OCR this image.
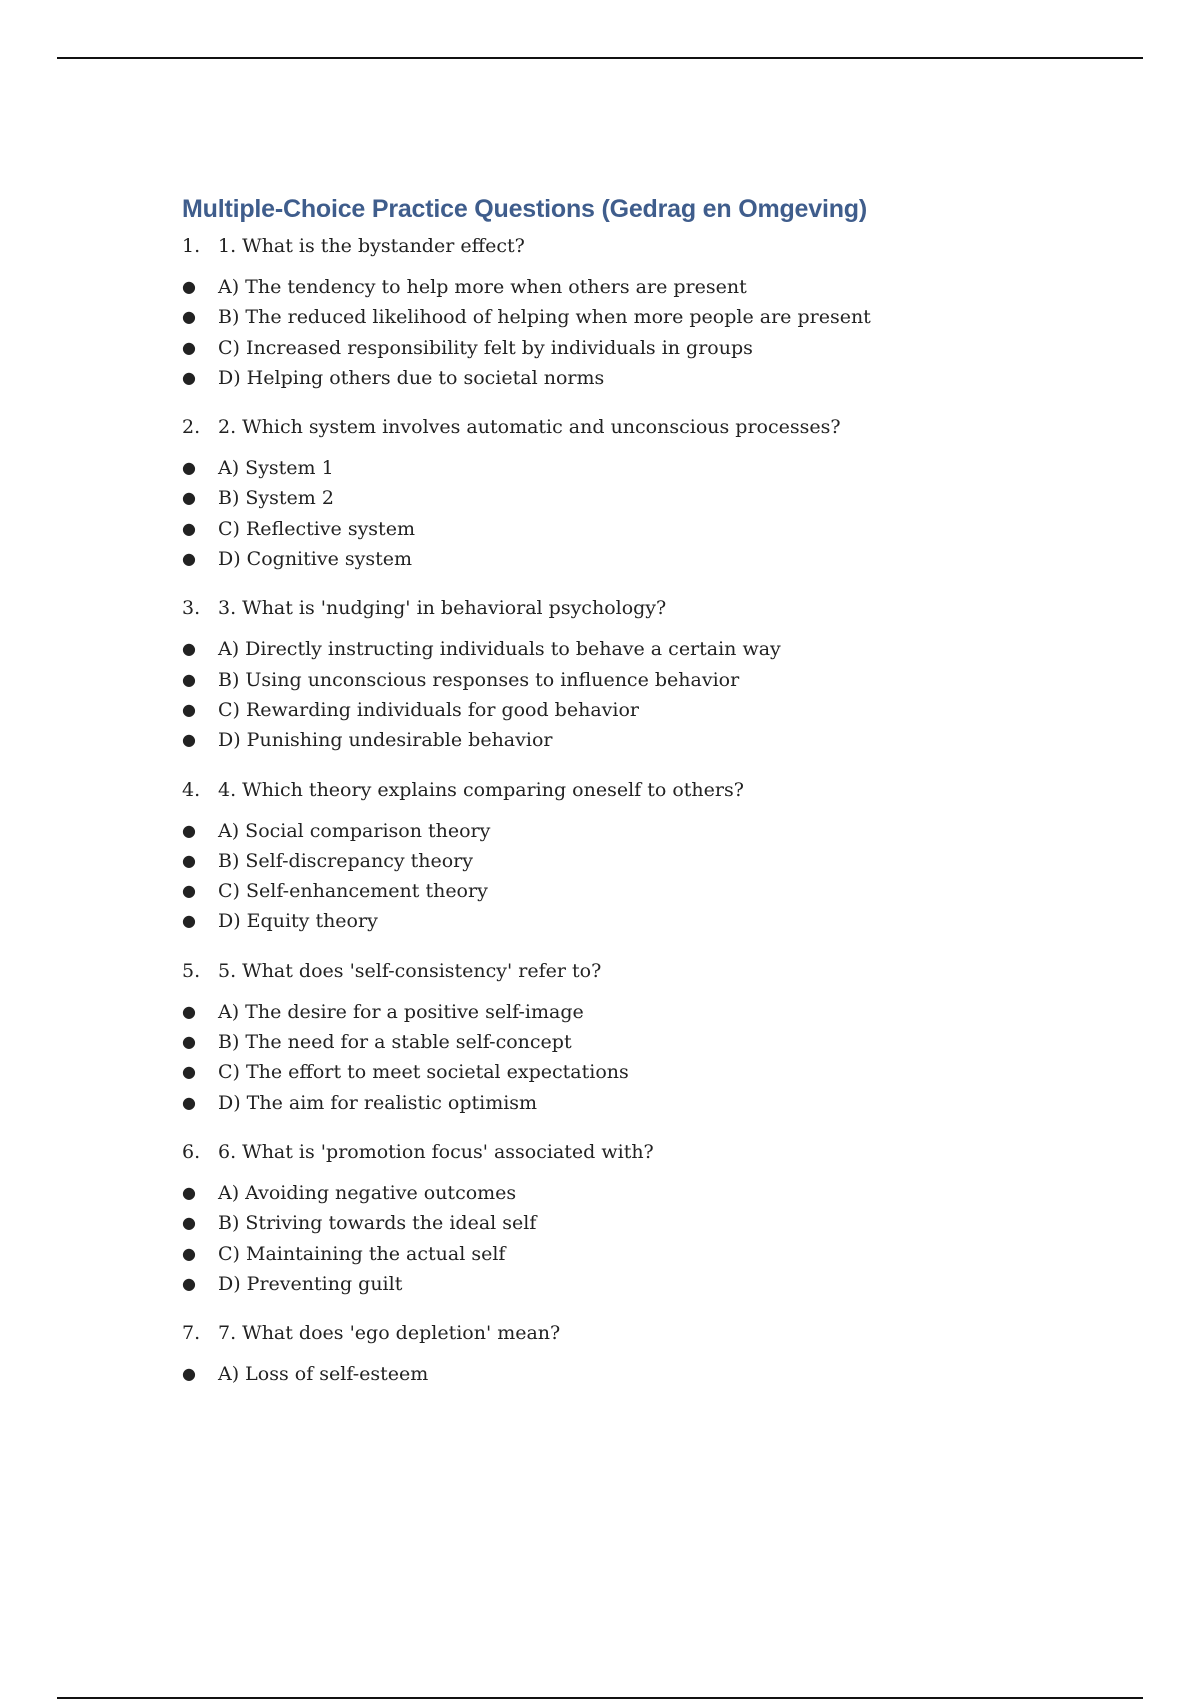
Multiple-Choice Practice Questions (Gedrag en Omgeving)
1. 1. What is the bystander effect?
●	A) The tendency to help more when others are present
●	B) The reduced likelihood of helping when more people are present
●	C) Increased responsibility felt by individuals in groups
●	D) Helping others due to societal norms
2. 2. Which system involves automatic and unconscious processes?
●	A) System 1
●	B) System 2
●	C) Reflective system
●	D) Cognitive system
3. 3. What is 'nudging' in behavioral psychology?
●	A) Directly instructing individuals to behave a certain way
●	B) Using unconscious responses to influence behavior
●	C) Rewarding individuals for good behavior
●	D) Punishing undesirable behavior
4. 4. Which theory explains comparing oneself to others?
●	A) Social comparison theory
●	B) Self-discrepancy theory
●	C) Self-enhancement theory
●	D) Equity theory
5. 5. What does 'self-consistency' refer to?
●	A) The desire for a positive self-image
●	B) The need for a stable self-concept
●	C) The effort to meet societal expectations
●	D) The aim for realistic optimism
6. 6. What is 'promotion focus' associated with?
●	A) Avoiding negative outcomes
●	B) Striving towards the ideal self
●	C) Maintaining the actual self
●	D) Preventing guilt
7. 7. What does 'ego depletion' mean?
●	A) Loss of self-esteem
